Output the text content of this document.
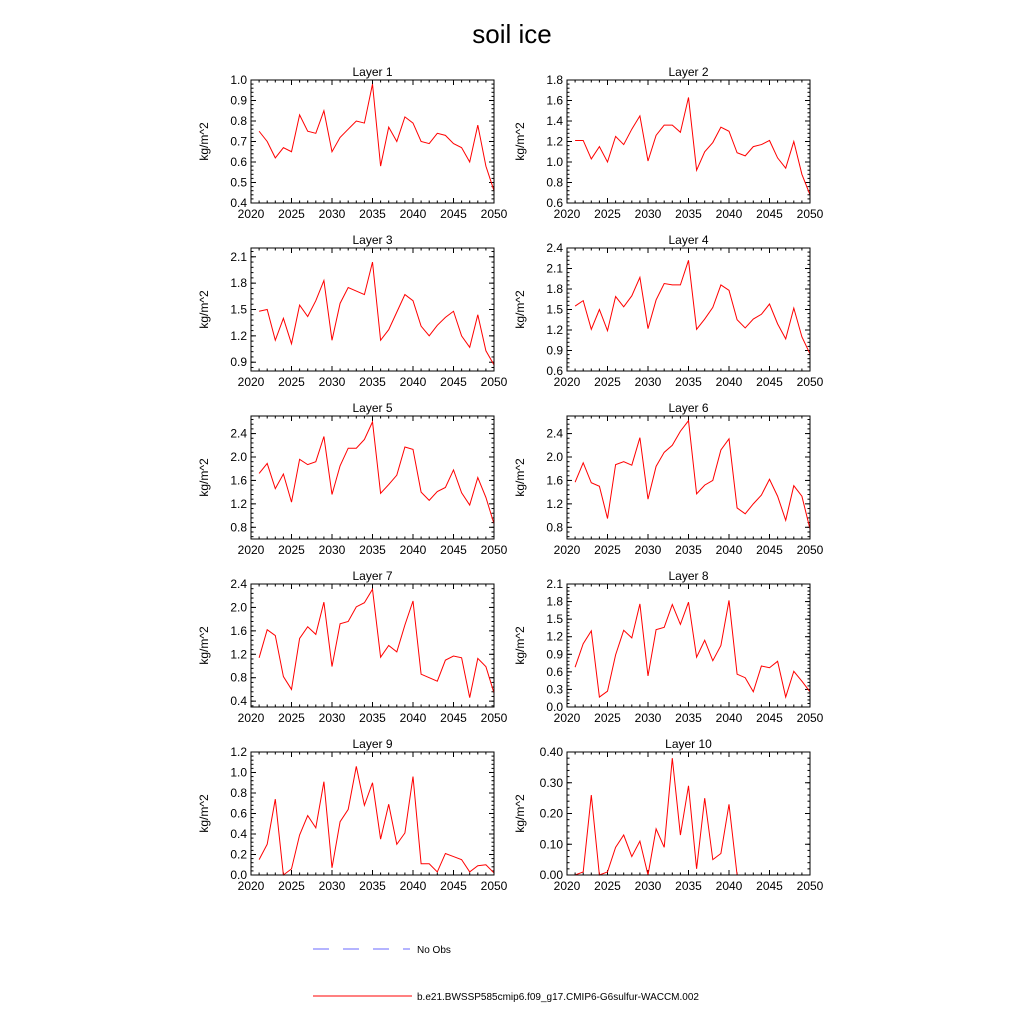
soil ice
Layer 1
kg/m^2
0.4
0.5
0.6
0.7
0.8
0.9
1.0
2020 2025 2030 2035 2040 2045 2050
Layer 2
kg/m^2
0.6
0.8
1.0
1.2
1.4
1.6
1.8
2020 2025 2030 2035 2040 2045 2050
Layer 3
kg/m^2
0.9
1.2
1.5
1.8
2.1
2020 2025 2030 2035 2040 2045 2050
Layer 4
kg/m^2
0.6
0.9
1.2
1.5
1.8
2.1
2.4
2020 2025 2030 2035 2040 2045 2050
Layer 5
kg/m^2
0.8
1.2
1.6
2.0
2.4
2020 2025 2030 2035 2040 2045 2050
Layer 6
kg/m^2
0.8
1.2
1.6
2.0
2.4
2020 2025 2030 2035 2040 2045 2050
Layer 7
kg/m^2
0.4
0.8
1.2
1.6
2.0
2.4
2020 2025 2030 2035 2040 2045 2050
Layer 8
kg/m^2
0.0
0.3
0.6
0.9
1.2
1.5
1.8
2.1
2020 2025 2030 2035 2040 2045 2050
Layer 9
kg/m^2
0.0
0.2
0.4
0.6
0.8
1.0
1.2
2020 2025 2030 2035 2040 2045 2050
Layer 10
kg/m^2
0.00
0.10
0.20
0.30
0.40
2020 2025 2030 2035 2040 2045 2050
No Obs
b.e21.BWSSP585cmip6.f09_g17.CMIP6-G6sulfur-WACCM.002
